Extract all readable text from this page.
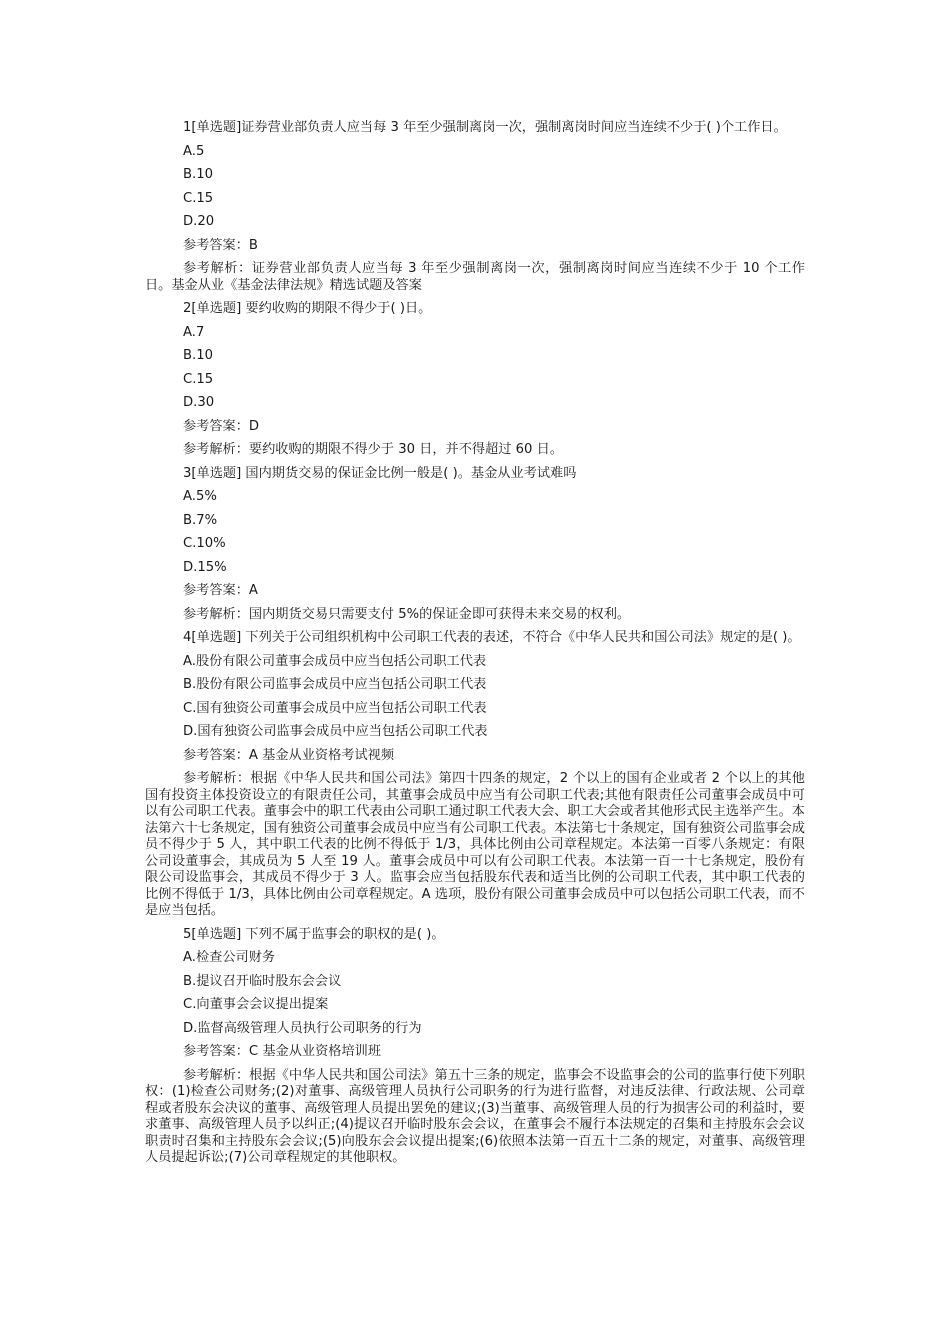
1[单选题]证券营业部负责人应当每 3 年至少强制离岗一次，强制离岗时间应当连续不少于( )个工作日。

A.5

B.10

C.15

D.20

参考答案：B

参考解析：证券营业部负责人应当每 3 年至少强制离岗一次，强制离岗时间应当连续不少于 10 个工作日。基金从业《基金法律法规》精选试题及答案

2[单选题] 要约收购的期限不得少于( )日。

A.7

B.10

C.15

D.30

参考答案：D

参考解析：要约收购的期限不得少于 30 日，并不得超过 60 日。

3[单选题] 国内期货交易的保证金比例一般是( )。基金从业考试难吗

A.5%

B.7%

C.10%

D.15%

参考答案：A

参考解析：国内期货交易只需要支付 5%的保证金即可获得未来交易的权利。

4[单选题] 下列关于公司组织机构中公司职工代表的表述，不符合《中华人民共和国公司法》规定的是( )。

A.股份有限公司董事会成员中应当包括公司职工代表

B.股份有限公司监事会成员中应当包括公司职工代表

C.国有独资公司董事会成员中应当包括公司职工代表

D.国有独资公司监事会成员中应当包括公司职工代表

参考答案：A 基金从业资格考试视频

参考解析：根据《中华人民共和国公司法》第四十四条的规定，2 个以上的国有企业或者 2 个以上的其他国有投资主体投资设立的有限责任公司，其董事会成员中应当有公司职工代表;其他有限责任公司董事会成员中可以有公司职工代表。董事会中的职工代表由公司职工通过职工代表大会、职工大会或者其他形式民主选举产生。本法第六十七条规定，国有独资公司董事会成员中应当有公司职工代表。本法第七十条规定，国有独资公司监事会成员不得少于 5 人，其中职工代表的比例不得低于 1/3，具体比例由公司章程规定。本法第一百零八条规定：有限公司设董事会，其成员为 5 人至 19 人。董事会成员中可以有公司职工代表。本法第一百一十七条规定，股份有限公司设监事会，其成员不得少于 3 人。监事会应当包括股东代表和适当比例的公司职工代表，其中职工代表的比例不得低于 1/3，具体比例由公司章程规定。A 选项，股份有限公司董事会成员中可以包括公司职工代表，而不是应当包括。

5[单选题] 下列不属于监事会的职权的是( )。

A.检查公司财务

B.提议召开临时股东会会议

C.向董事会会议提出提案

D.监督高级管理人员执行公司职务的行为

参考答案：C 基金从业资格培训班

参考解析：根据《中华人民共和国公司法》第五十三条的规定，监事会不设监事会的公司的监事行使下列职权：(1)检查公司财务;(2)对董事、高级管理人员执行公司职务的行为进行监督，对违反法律、行政法规、公司章程或者股东会决议的董事、高级管理人员提出罢免的建议;(3)当董事、高级管理人员的行为损害公司的利益时，要求董事、高级管理人员予以纠正;(4)提议召开临时股东会会议，在董事会不履行本法规定的召集和主持股东会会议职责时召集和主持股东会会议;(5)向股东会会议提出提案;(6)依照本法第一百五十二条的规定，对董事、高级管理人员提起诉讼;(7)公司章程规定的其他职权。
